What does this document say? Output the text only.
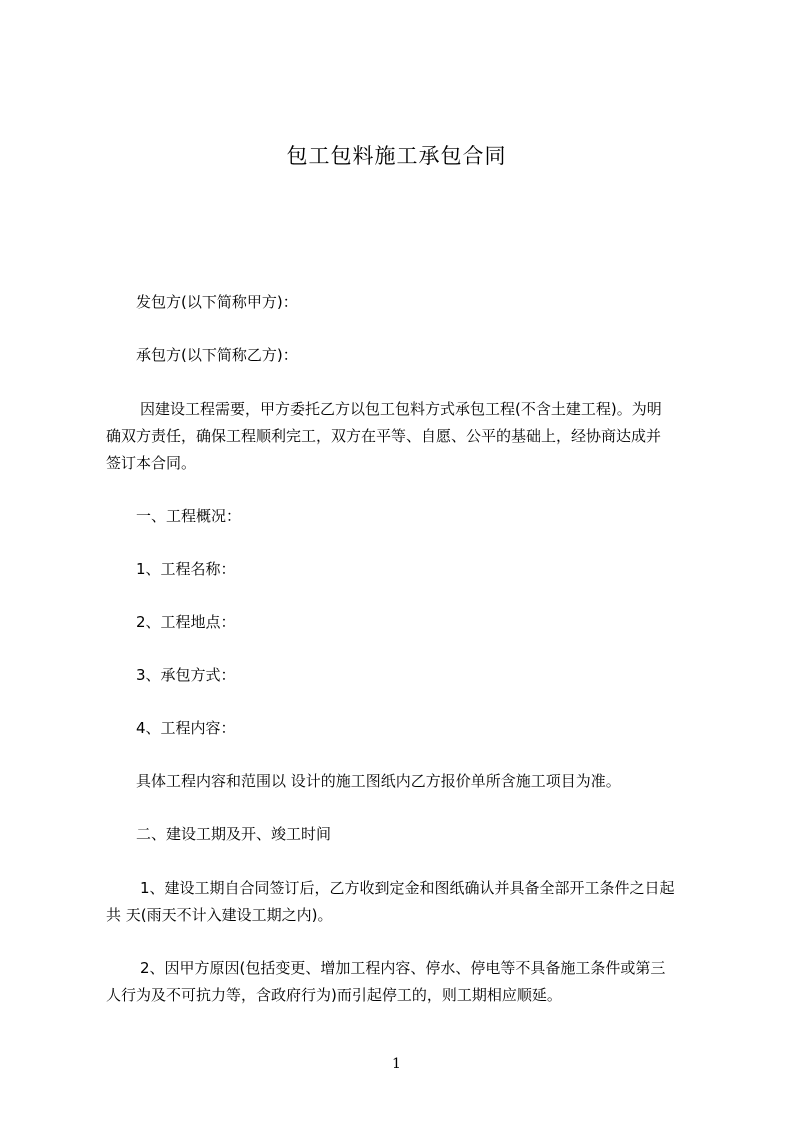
包工包料施工承包合同
发包方(以下简称甲方)：
承包方(以下简称乙方)：
因建设工程需要，甲方委托乙方以包工包料方式承包工程(不含土建工程)。为明
确双方责任，确保工程顺利完工，双方在平等、自愿、公平的基础上，经协商达成并
签订本合同。
一、工程概况：
1、工程名称：
2、工程地点：
3、承包方式：
4、工程内容：
具体工程内容和范围以 设计的施工图纸内乙方报价单所含施工项目为准。
二、建设工期及开、竣工时间
1、建设工期自合同签订后，乙方收到定金和图纸确认并具备全部开工条件之日起
共 天(雨天不计入建设工期之内)。
2、因甲方原因(包括变更、增加工程内容、停水、停电等不具备施工条件或第三
人行为及不可抗力等，含政府行为)而引起停工的，则工期相应顺延。
1
